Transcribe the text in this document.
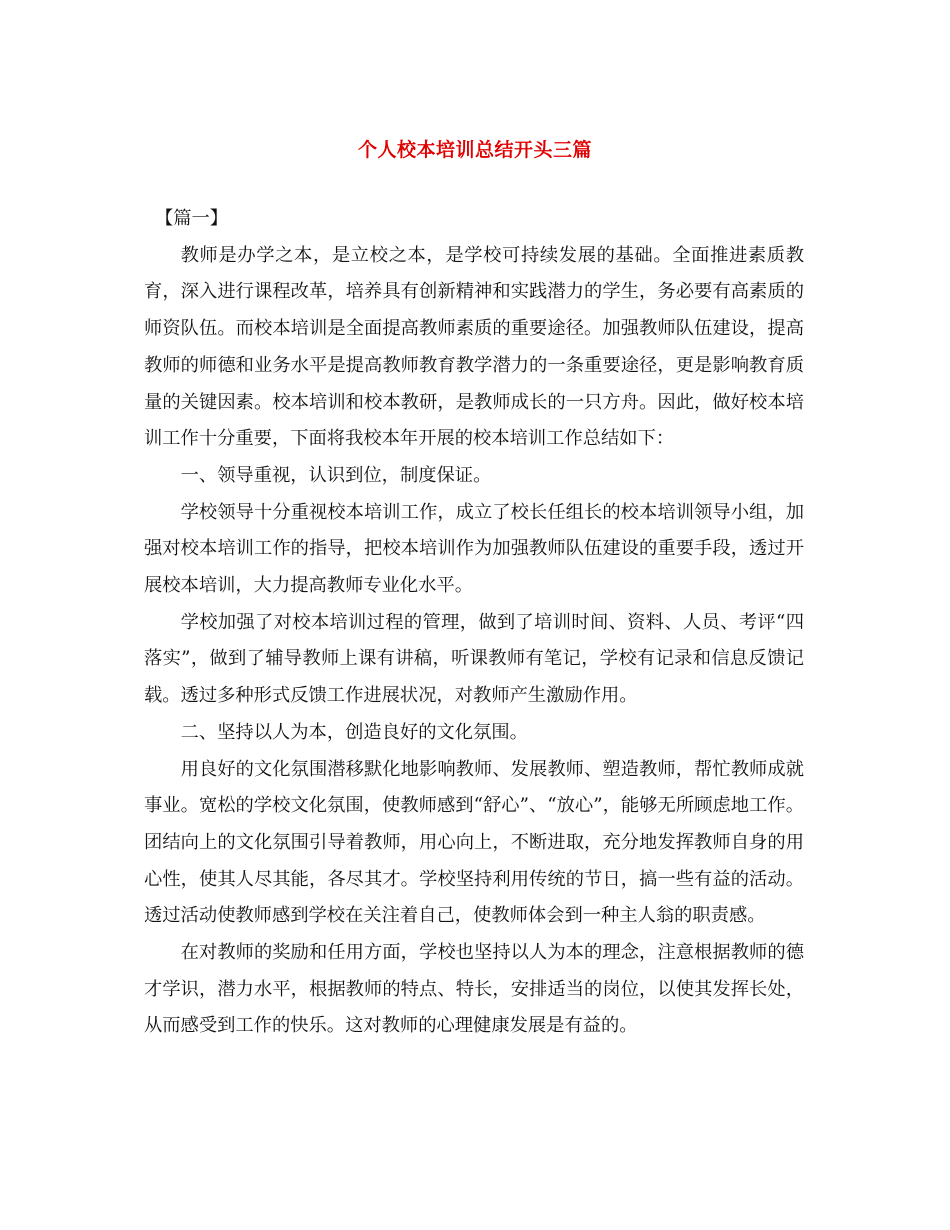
个人校本培训总结开头三篇

【篇一】

教师是办学之本，是立校之本，是学校可持续发展的基础。全面推进素质教育，深入进行课程改革，培养具有创新精神和实践潜力的学生，务必要有高素质的师资队伍。而校本培训是全面提高教师素质的重要途径。加强教师队伍建设，提高教师的师德和业务水平是提高教师教育教学潜力的一条重要途径，更是影响教育质量的关键因素。校本培训和校本教研，是教师成长的一只方舟。因此，做好校本培训工作十分重要，下面将我校本年开展的校本培训工作总结如下：

一、领导重视，认识到位，制度保证。

学校领导十分重视校本培训工作，成立了校长任组长的校本培训领导小组，加强对校本培训工作的指导，把校本培训作为加强教师队伍建设的重要手段，透过开展校本培训，大力提高教师专业化水平。

学校加强了对校本培训过程的管理，做到了培训时间、资料、人员、考评“四落实”，做到了辅导教师上课有讲稿，听课教师有笔记，学校有记录和信息反馈记载。透过多种形式反馈工作进展状况，对教师产生激励作用。

二、坚持以人为本，创造良好的文化氛围。

用良好的文化氛围潜移默化地影响教师、发展教师、塑造教师，帮忙教师成就事业。宽松的学校文化氛围，使教师感到“舒心”、“放心”，能够无所顾虑地工作。团结向上的文化氛围引导着教师，用心向上，不断进取，充分地发挥教师自身的用心性，使其人尽其能，各尽其才。学校坚持利用传统的节日，搞一些有益的活动。透过活动使教师感到学校在关注着自己，使教师体会到一种主人翁的职责感。

在对教师的奖励和任用方面，学校也坚持以人为本的理念，注意根据教师的德才学识，潜力水平，根据教师的特点、特长，安排适当的岗位，以使其发挥长处，从而感受到工作的快乐。这对教师的心理健康发展是有益的。
